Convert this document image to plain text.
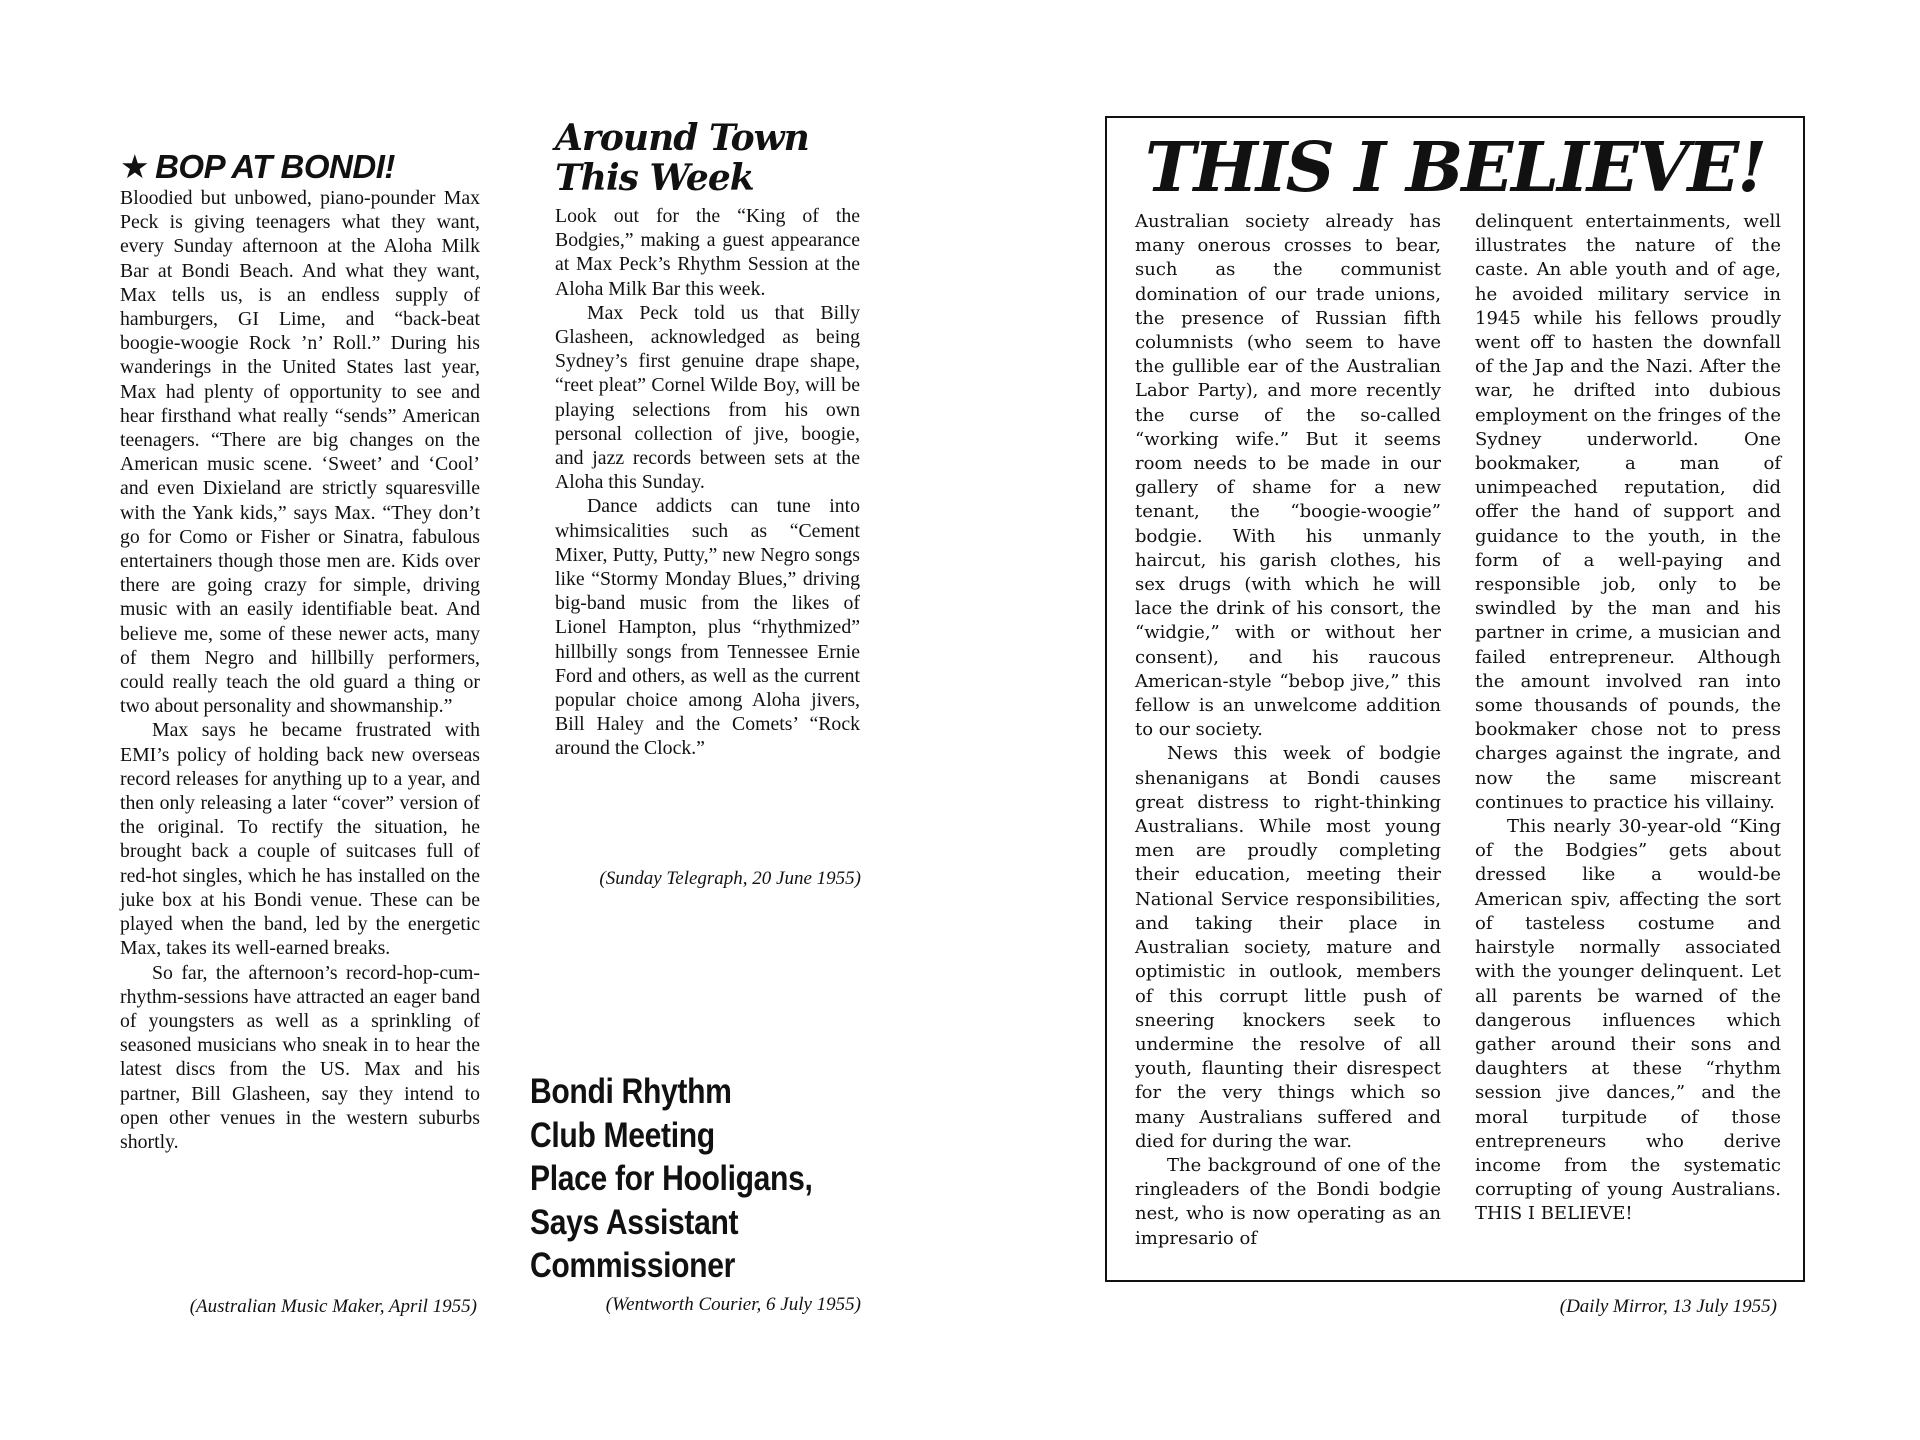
★ BOP AT BONDI!

Bloodied but unbowed, piano-pounder Max Peck is giving teenagers what they want, every Sunday afternoon at the Aloha Milk Bar at Bondi Beach. And what they want, Max tells us, is an endless supply of hamburgers, GI Lime, and “back-beat boogie-woogie Rock ’n’ Roll.” During his wanderings in the United States last year, Max had plenty of opportunity to see and hear firsthand what really “sends” American teenagers. “There are big changes on the American music scene. ‘Sweet’ and ‘Cool’ and even Dixieland are strictly squaresville with the Yank kids,” says Max. “They don’t go for Como or Fisher or Sinatra, fabulous entertainers though those men are. Kids over there are going crazy for simple, driving music with an easily identifiable beat. And believe me, some of these newer acts, many of them Negro and hillbilly performers, could really teach the old guard a thing or two about personality and showmanship.”

Max says he became frustrated with EMI’s policy of holding back new overseas record releases for anything up to a year, and then only releasing a later “cover” version of the original. To rectify the situation, he brought back a couple of suitcases full of red-hot singles, which he has installed on the juke box at his Bondi venue. These can be played when the band, led by the energetic Max, takes its well-earned breaks.

So far, the afternoon’s record-hop-cum-rhythm-sessions have attracted an eager band of youngsters as well as a sprinkling of seasoned musicians who sneak in to hear the latest discs from the US. Max and his partner, Bill Glasheen, say they intend to open other venues in the western suburbs shortly.

(Australian Music Maker, April 1955)
Around Town
This Week

Look out for the “King of the Bodgies,” making a guest appearance at Max Peck’s Rhythm Session at the Aloha Milk Bar this week.

Max Peck told us that Billy Glasheen, acknowledged as being Sydney’s first genuine drape shape, “reet pleat” Cornel Wilde Boy, will be playing selections from his own personal collection of jive, boogie, and jazz records between sets at the Aloha this Sunday.

Dance addicts can tune into whimsicalities such as “Cement Mixer, Putty, Putty,” new Negro songs like “Stormy Monday Blues,” driving big-band music from the likes of Lionel Hampton, plus “rhythmized” hillbilly songs from Tennessee Ernie Ford and others, as well as the current popular choice among Aloha jivers, Bill Haley and the Comets’ “Rock around the Clock.”

(Sunday Telegraph, 20 June 1955)
Bondi Rhythm
Club Meeting
Place for Hooligans,
Says Assistant
Commissioner
(Wentworth Courier, 6 July 1955)
THIS I BELIEVE!

Australian society already has many onerous crosses to bear, such as the communist domination of our trade unions, the presence of Russian fifth columnists (who seem to have the gullible ear of the Australian Labor Party), and more recently the curse of the so-called “working wife.” But it seems room needs to be made in our gallery of shame for a new tenant, the “boogie-woogie” bodgie. With his unmanly haircut, his garish clothes, his sex drugs (with which he will lace the drink of his consort, the “widgie,” with or without her consent), and his raucous American-style “bebop jive,” this fellow is an unwelcome addition to our society.

News this week of bodgie shenanigans at Bondi causes great distress to right-thinking Australians. While most young men are proudly completing their education, meeting their National Service responsibilities, and taking their place in Australian society, mature and optimistic in outlook, members of this corrupt little push of sneering knockers seek to undermine the resolve of all youth, flaunting their disrespect for the very things which so many Australians suffered and died for during the war.

The background of one of the ringleaders of the Bondi bodgie nest, who is now operating as an impresario of

delinquent entertainments, well illustrates the nature of the caste. An able youth and of age, he avoided military service in 1945 while his fellows proudly went off to hasten the downfall of the Jap and the Nazi. After the war, he drifted into dubious employment on the fringes of the Sydney underworld. One bookmaker, a man of unimpeached reputation, did offer the hand of support and guidance to the youth, in the form of a well-paying and responsible job, only to be swindled by the man and his partner in crime, a musician and failed entrepreneur. Although the amount involved ran into some thousands of pounds, the bookmaker chose not to press charges against the ingrate, and now the same miscreant continues to practice his villainy.

This nearly 30-year-old “King of the Bodgies” gets about dressed like a would-be American spiv, affecting the sort of tasteless costume and hairstyle normally associated with the younger delinquent. Let all parents be warned of the dangerous influences which gather around their sons and daughters at these “rhythm session jive dances,” and the moral turpitude of those entrepreneurs who derive income from the systematic corrupting of young Australians. THIS I BELIEVE!

(Daily Mirror, 13 July 1955)
